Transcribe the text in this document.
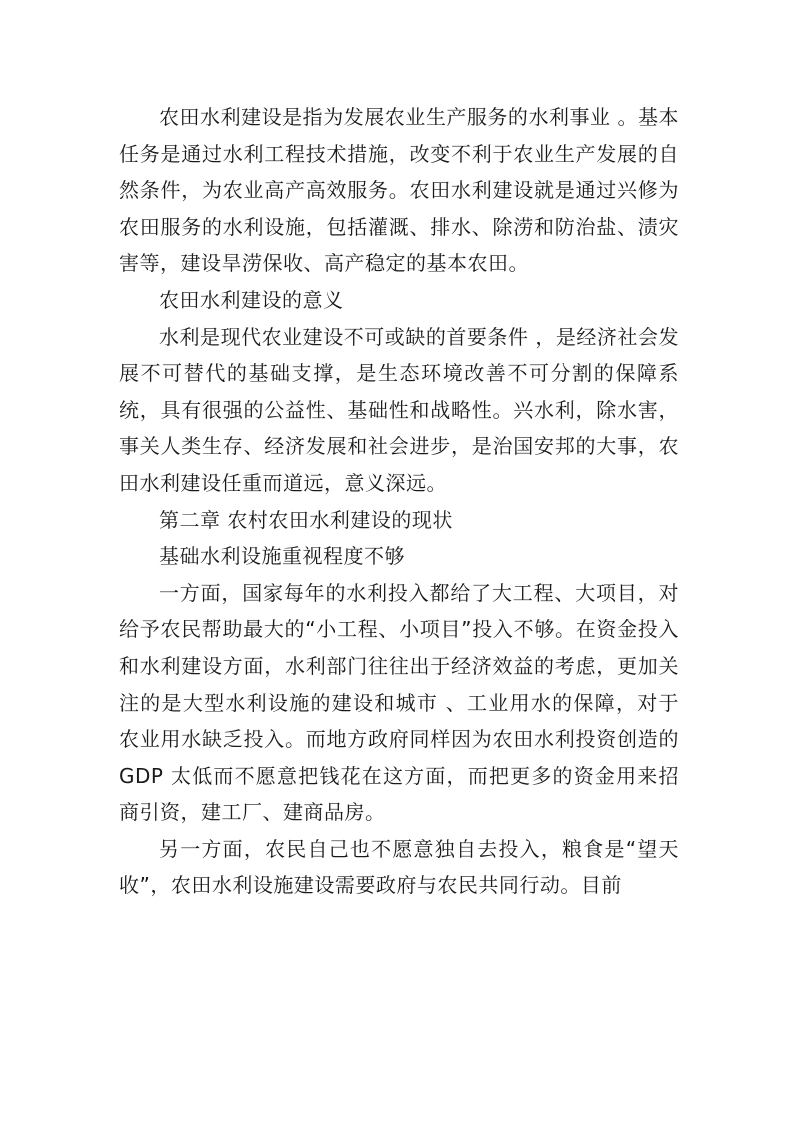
农田水利建设是指为发展农业生产服务的水利事业 。基本任务是通过水利工程技术措施，改变不利于农业生产发展的自然条件，为农业高产高效服务。农田水利建设就是通过兴修为农田服务的水利设施，包括灌溉、排水、除涝和防治盐、渍灾害等，建设旱涝保收、高产稳定的基本农田。

农田水利建设的意义

水利是现代农业建设不可或缺的首要条件 ，是经济社会发展不可替代的基础支撑，是生态环境改善不可分割的保障系统，具有很强的公益性、基础性和战略性。兴水利，除水害，事关人类生存、经济发展和社会进步，是治国安邦的大事，农田水利建设任重而道远，意义深远。

第二章 农村农田水利建设的现状

基础水利设施重视程度不够

一方面，国家每年的水利投入都给了大工程、大项目，对给予农民帮助最大的“小工程、小项目”投入不够。在资金投入和水利建设方面，水利部门往往出于经济效益的考虑，更加关注的是大型水利设施的建设和城市 、工业用水的保障，对于农业用水缺乏投入。而地方政府同样因为农田水利投资创造的 GDP 太低而不愿意把钱花在这方面，而把更多的资金用来招商引资，建工厂、建商品房。

另一方面，农民自己也不愿意独自去投入，粮食是“望天收”，农田水利设施建设需要政府与农民共同行动。目前
